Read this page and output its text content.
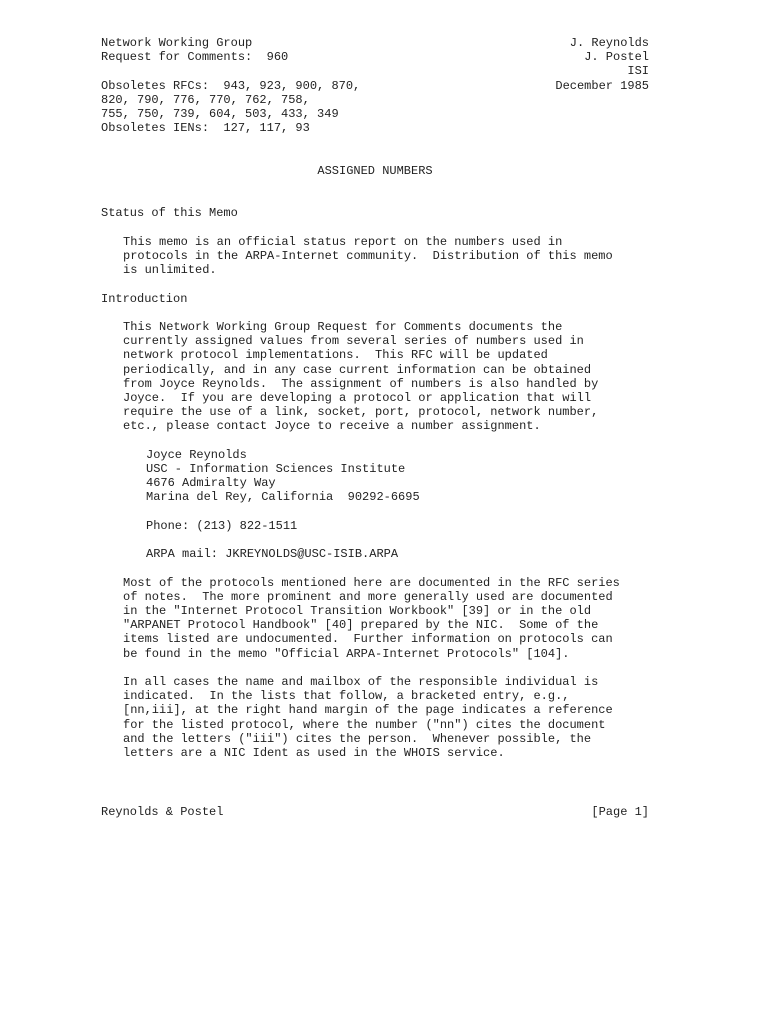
Network Working Group	J. Reynolds
Request for Comments:  960	J. Postel
ISI
Obsoletes RFCs:  943, 923, 900, 870,	December 1985
820, 790, 776, 770, 762, 758,
755, 750, 739, 604, 503, 433, 349
Obsoletes IENs:  127, 117, 93
ASSIGNED NUMBERS
Status of this Memo
This memo is an official status report on the numbers used in
protocols in the ARPA-Internet community.  Distribution of this memo
is unlimited.
Introduction
This Network Working Group Request for Comments documents the
currently assigned values from several series of numbers used in
network protocol implementations.  This RFC will be updated
periodically, and in any case current information can be obtained
from Joyce Reynolds.  The assignment of numbers is also handled by
Joyce.  If you are developing a protocol or application that will
require the use of a link, socket, port, protocol, network number,
etc., please contact Joyce to receive a number assignment.
Joyce Reynolds
USC - Information Sciences Institute
4676 Admiralty Way
Marina del Rey, California  90292-6695
Phone: (213) 822-1511
ARPA mail: JKREYNOLDS@USC-ISIB.ARPA
Most of the protocols mentioned here are documented in the RFC series
of notes.  The more prominent and more generally used are documented
in the "Internet Protocol Transition Workbook" [39] or in the old
"ARPANET Protocol Handbook" [40] prepared by the NIC.  Some of the
items listed are undocumented.  Further information on protocols can
be found in the memo "Official ARPA-Internet Protocols" [104].
In all cases the name and mailbox of the responsible individual is
indicated.  In the lists that follow, a bracketed entry, e.g.,
[nn,iii], at the right hand margin of the page indicates a reference
for the listed protocol, where the number ("nn") cites the document
and the letters ("iii") cites the person.  Whenever possible, the
letters are a NIC Ident as used in the WHOIS service.
Reynolds & Postel	[Page 1]
